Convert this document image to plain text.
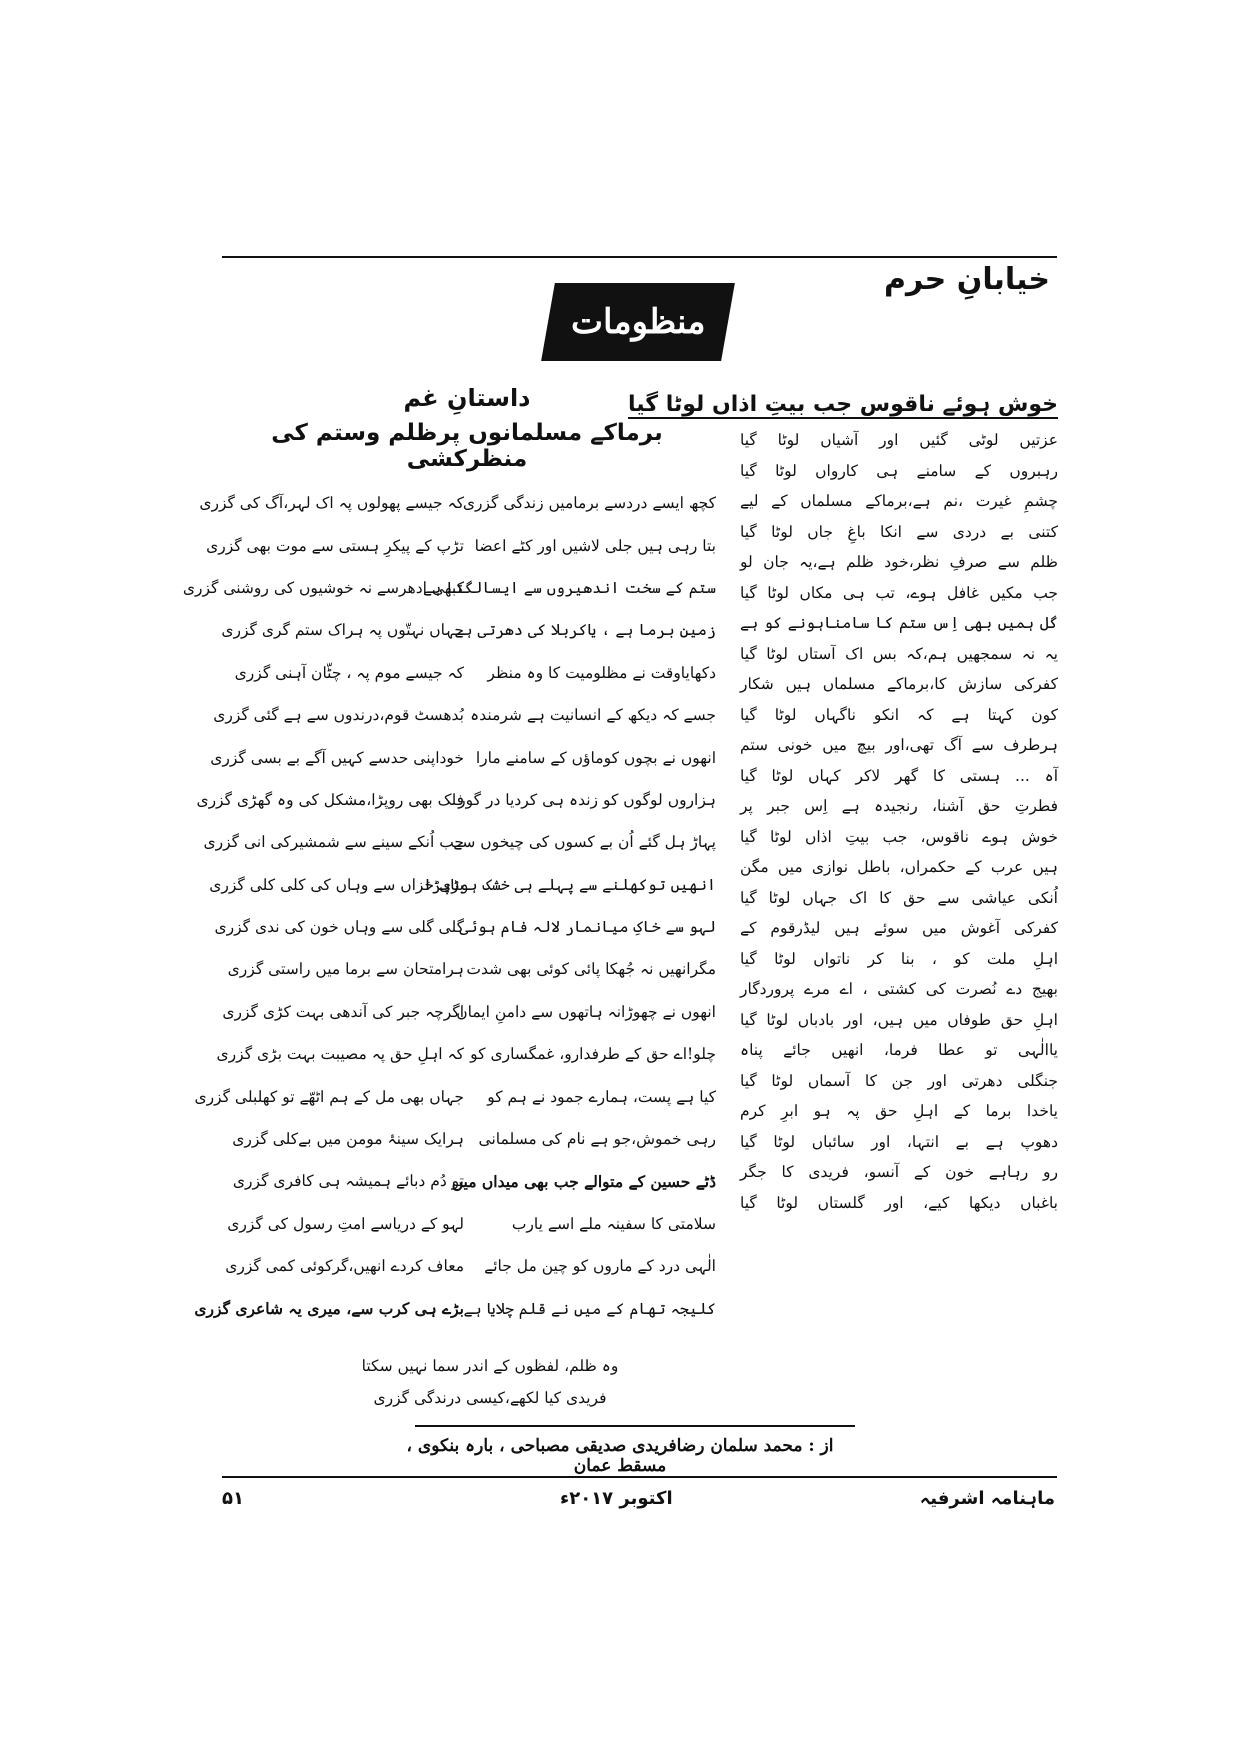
خیابانِ حرم
منظومات
خوش ہوئے ناقوس جب بیتِ اذاں لوٹا گیا
عزتیں لوٹی گئیں اور آشیاں لوٹا گیا
رہبروں کے سامنے ہی کارواں لوٹا گیا
چشمِ غیرت ،نم ہے،برماکے مسلماں کے لیے
کتنی بے دردی سے انکا باغِ جاں لوٹا گیا
ظلم سے صرفِ نظر،خود ظلم ہے،یہ جان لو
جب مکیں غافل ہوے، تب ہی مکاں لوٹا گیا
گل ہمیں بھی اِس ستم کا سامناہونے کو ہے
یہ نہ سمجھیں ہم،کہ بس اک آستاں لوٹا گیا
کفرکی سازش کا،برماکے مسلماں ہیں شکار
کون کہتا ہے کہ انکو ناگہاں لوٹا گیا
ہرطرف سے آگ تھی،اور بیچ میں خونی ستم
آہ ... ہستی کا گھر لاکر کہاں لوٹا گیا
فطرتِ حق آشنا، رنجیدہ ہے اِس جبر پر
خوش ہوے ناقوس، جب بیتِ اذاں لوٹا گیا
ہیں عرب کے حکمراں، باطل نوازی میں مگن
اُنکی عیاشی سے حق کا اک جہاں لوٹا گیا
کفرکی آغوش میں سوئے ہیں لیڈرقوم کے
اہلِ ملت کو ، بنا کر ناتواں لوٹا گیا
بھیج دے نُصرت کی کشتی ، اے مرے پروردگار
اہلِ حق طوفاں میں ہیں، اور بادباں لوٹا گیا
یاالٰہی تو عطا فرما، انھیں جائے پناہ
جنگلی دھرتی اور جن کا آسماں لوٹا گیا
یاخدا برما کے اہلِ حق پہ ہو ابرِ کرم
دھوپ ہے بے انتہا، اور سائباں لوٹا گیا
رو رہاہے خون کے آنسو، فریدی کا جگر
باغباں دیکھا کیے، اور گلستاں لوٹا گیا
داستانِ غم
برماکے مسلمانوں پرظلم وستم کی منظرکشی
کچھ ایسے دردسے برمامیں زندگی گزری
کہ جیسے پھولوں پہ اک لہر،آگ کی گزری
بتا رہی ہیں جلی لاشیں اور کٹے اعضا
تڑپ کے پیکرِ ہستی سے موت بھی گزری
ستم کے سخت اندھیروں سے ایسالگتا ہے
کبھی ادھرسے نہ خوشیوں کی روشنی گزری
زمینِ برما ہے ، یاکربلا کی دھرتی ہے
جہاں نہتّوں پہ ہراک ستم گری گزری
دکھایاوقت نے مظلومیت کا وہ منظر
کہ جیسے موم پہ ، چٹّان آہنی گزری
جسے کہ دیکھ کے انسانیت ہے شرمندہ
بُدھسٹ قوم،درندوں سے ہے گئی گزری
انھوں نے بچوں کوماؤں کے سامنے مارا
خوداپنی حدسے کہیں آگے بے بسی گزری
ہزاروں لوگوں کو زندہ ہی کردیا در گور
فلک بھی روپڑا،مشکل کی وہ گھڑی گزری
پہاڑ ہل گئے اُن بے کسوں کی چیخوں سے
جب اُنکے سینے سے شمشیرکی انی گزری
انھیں توکھلنے سے پہلے ہی خشک ہوناپڑا
بڑی خزاں سے وہاں کی کلی کلی گزری
لہو سے خاکِ میانمار لالہ فام ہوئی
گلی گلی سے وہاں خون کی ندی گزری
مگرانھیں نہ جُھکا پائی کوئی بھی شدت
ہرامتحان سے برما میں راستی گزری
انھوں نے چھوڑانہ ہاتھوں سے دامنِ ایماں
اگرچہ جبر کی آندھی بہت کڑی گزری
چلو!اے حق کے طرفدارو، غمگساری کو
کہ اہلِ حق پہ مصیبت بہت بڑی گزری
کیا ہے پست، ہمارے جمود نے ہم کو
جہاں بھی مل کے ہم اٹھّے تو کھلبلی گزری
رہی خموش،جو ہے نام کی مسلمانی
ہرایک سینۂ مومن میں بےکلی گزری
ڈٹے حسین کے متوالے جب بھی میداں میں
تو دُم دبائے ہمیشہ ہی کافری گزری
سلامتی کا سفینہ ملے اسے یارب
لہو کے دریاسے امتِ رسول کی گزری
الٰہی درد کے ماروں کو چین مل جائے
معاف کردے انھیں،گرکوئی کمی گزری
کلیجہ تھام کے میں نے قلم چلایا ہے
بڑے ہی کرب سے، میری یہ شاعری گزری
وہ ظلم، لفظوں کے اندر سما نہیں سکتا
فریدی کیا لکھے،کیسی درندگی گزری
از : محمد سلمان رضافریدی صدیقی مصباحی ، بارہ بنکوی ، مسقط عمان
ماہنامہ اشرفیہ
اکتوبر ۲۰۱۷ء
۵۱
